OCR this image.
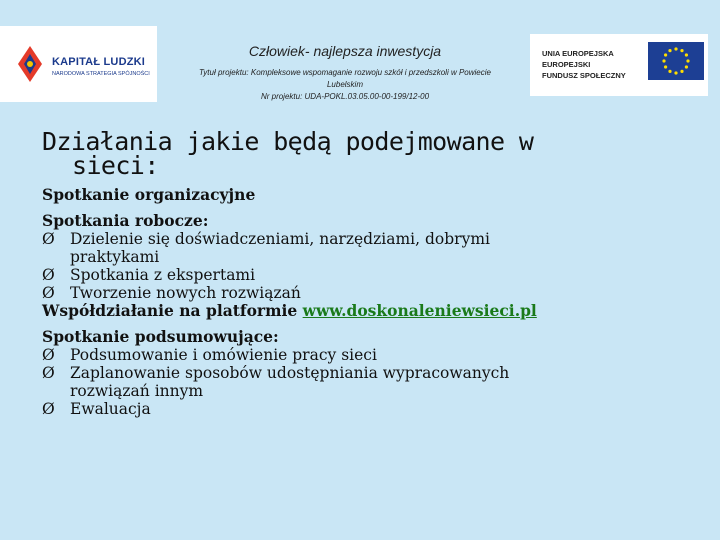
KAPITAŁ LUDZKI
NARODOWA STRATEGIA SPÓJNOŚCI
UNIA EUROPEJSKA
EUROPEJSKI
FUNDUSZ SPOŁECZNY
Człowiek- najlepsza inwestycja
Tytuł projektu: Kompleksowe wspomaganie rozwoju szkół i przedszkoli w Powiecie
Lubelskim
Nr projektu: UDA-POKL.03.05.00-00-199/12-00
Działania jakie będą podejmowane w
sieci:
Spotkanie organizacyjne
Spotkania robocze:
Ø Dzielenie się doświadczeniami, narzędziami, dobrymi
praktykami
Ø Spotkania z ekspertami
Ø Tworzenie nowych rozwiązań
Współdziałanie na platformie www.doskonaleniewsieci.pl
Spotkanie podsumowujące:
Ø Podsumowanie i omówienie pracy sieci
Ø Zaplanowanie sposobów udostępniania wypracowanych
rozwiązań innym
Ø Ewaluacja
